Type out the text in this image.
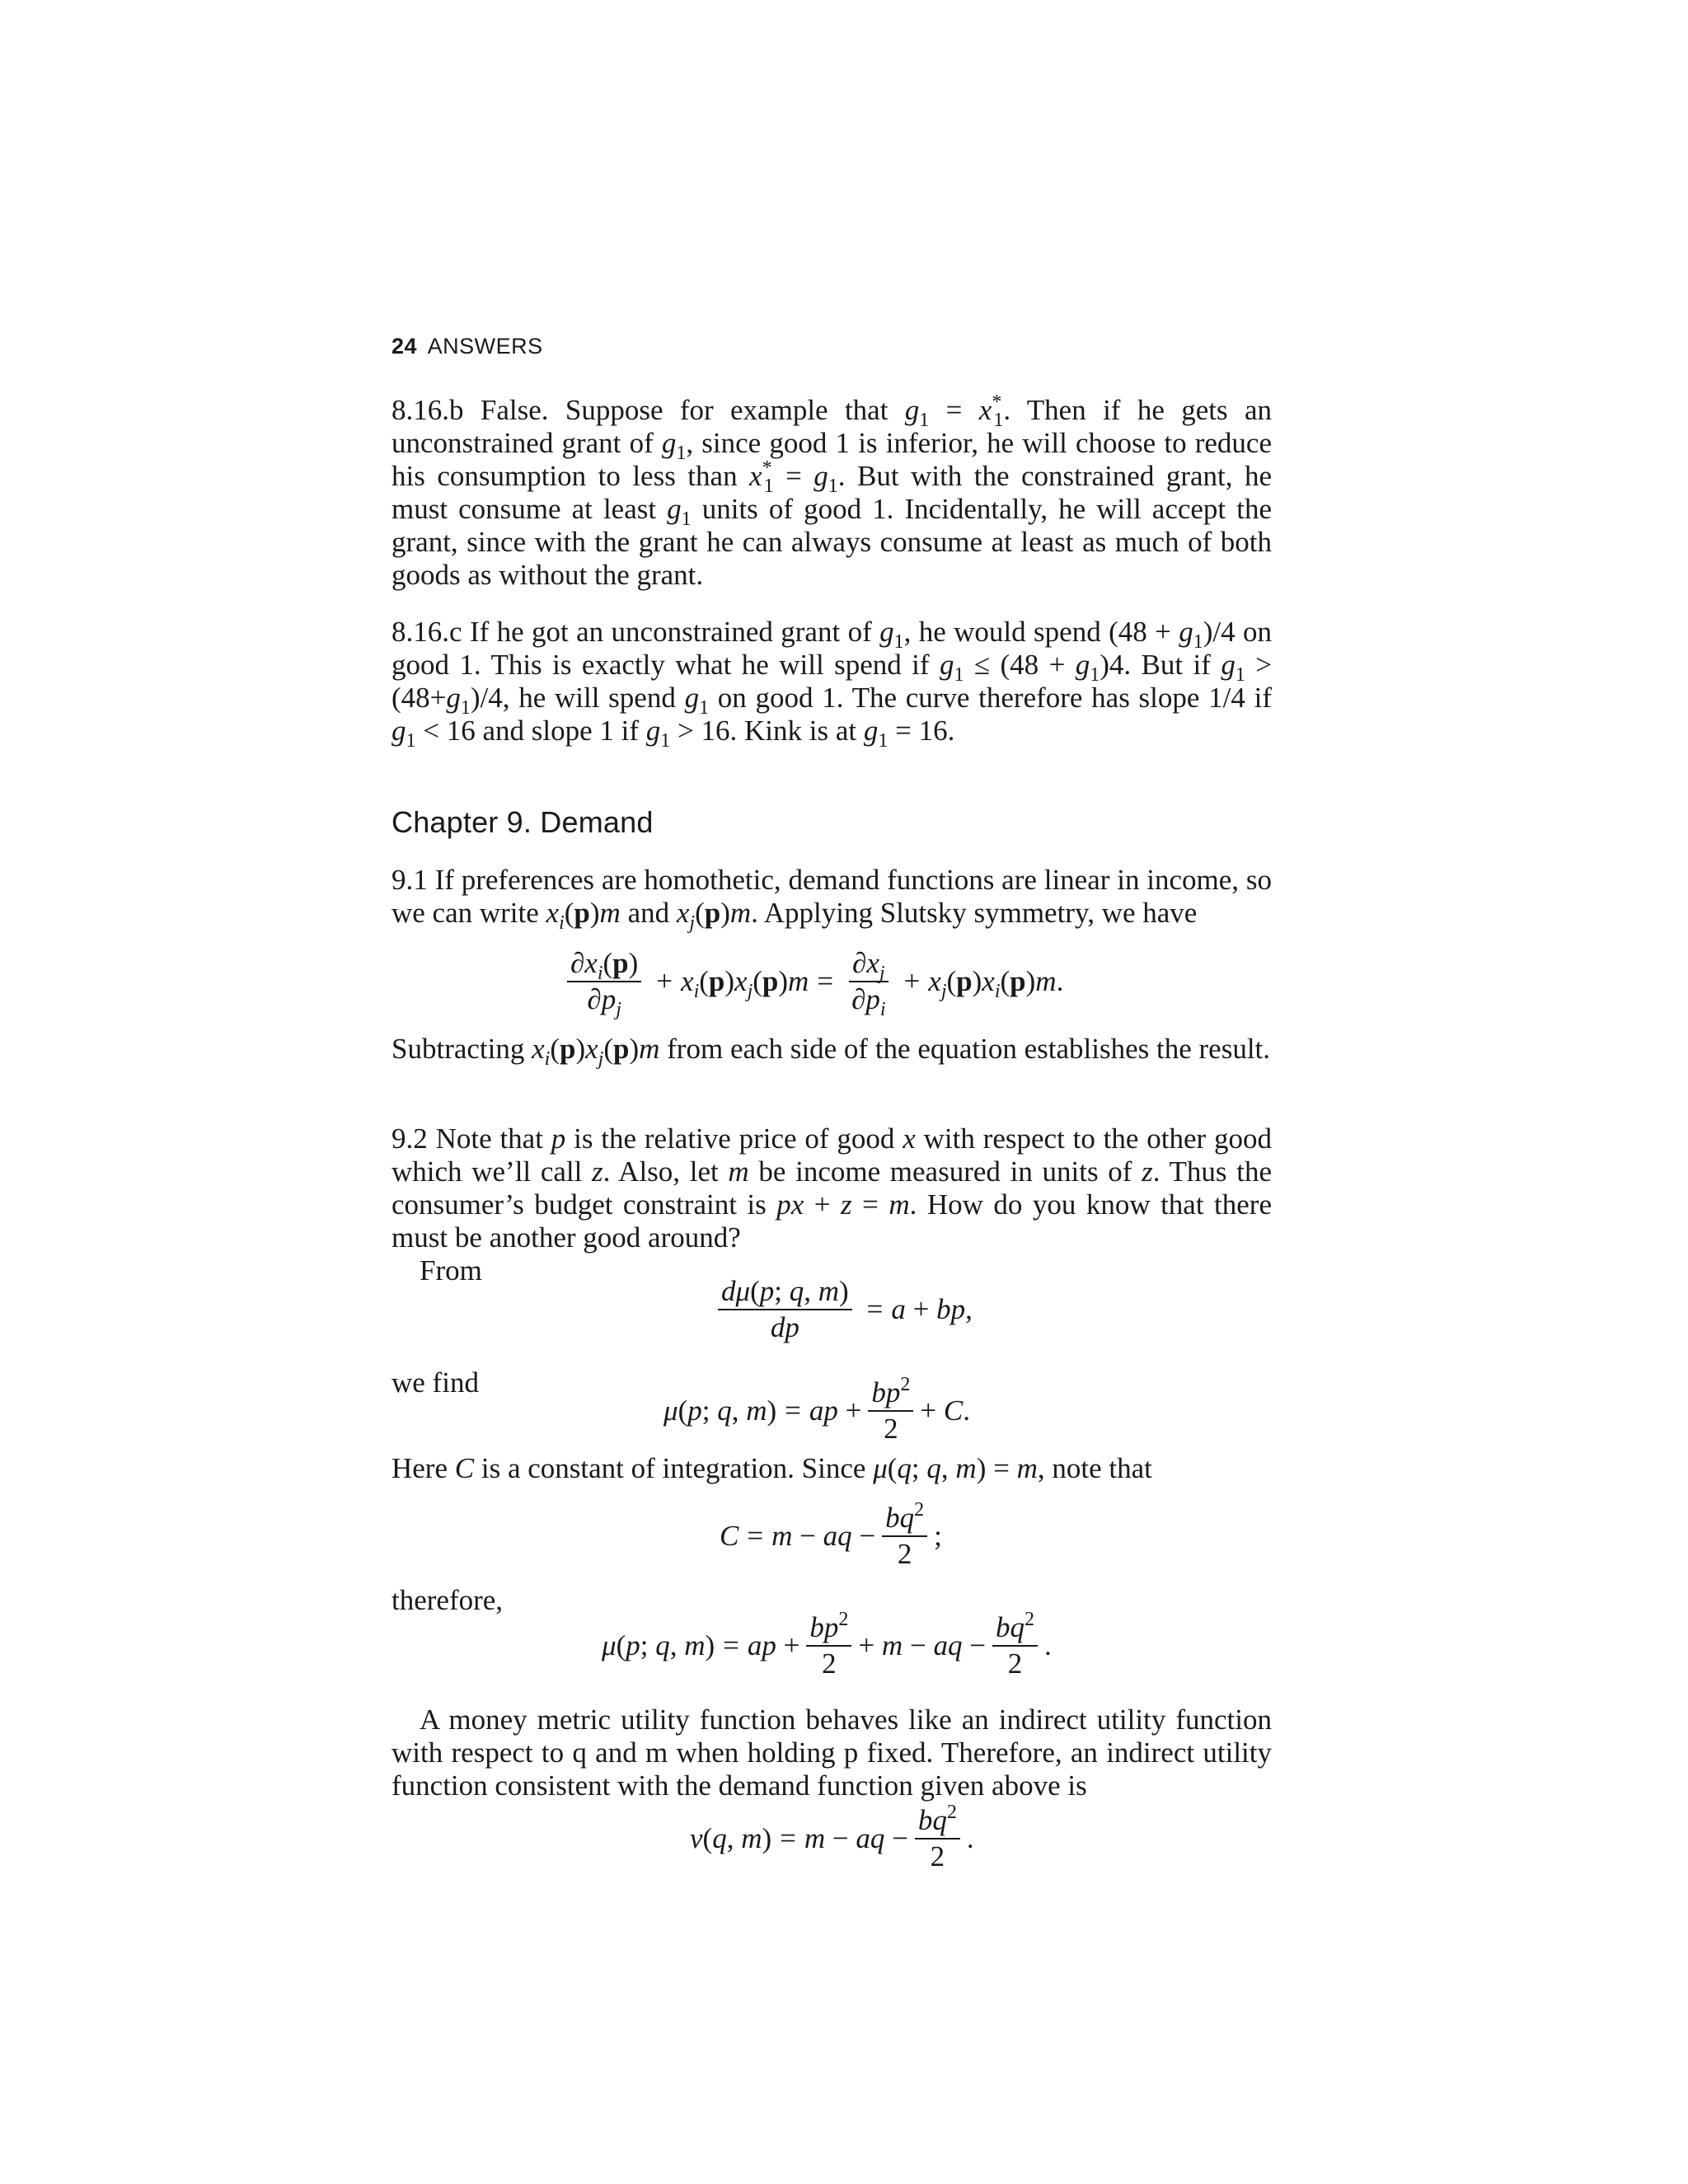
24 ANSWERS

8.16.b False. Suppose for example that $g_1 = x^*_1$. Then if he gets an unconstrained grant of $g_1$, since good 1 is inferior, he will choose to reduce his consumption to less than $x^*_1 = g_1$. But with the constrained grant, he must consume at least $g_1$ units of good 1. Incidentally, he will accept the grant, since with the grant he can always consume at least as much of both goods as without the grant.

8.16.c If he got an unconstrained grant of $g_1$, he would spend $(48 + g_1)/4$ on good 1. This is exactly what he will spend if $g_1 \le (48 + g_1)4$. But if $g_1 > (48+g_1)/4$, he will spend $g_1$ on good 1. The curve therefore has slope 1/4 if $g_1 < 16$ and slope 1 if $g_1 > 16$. Kink is at $g_1 = 16$.

Chapter 9. Demand

9.1 If preferences are homothetic, demand functions are linear in income, so we can write $x_i(p)m$ and $x_j(p)m$. Applying Slutsky symmetry, we have

$\frac{\partial x_i(p)}{\partial p_j} + x_i(p)x_j(p)m = \frac{\partial x_j}{\partial p_i} + x_j(p)x_i(p)m$.

Subtracting $x_i(p)x_j(p)m$ from each side of the equation establishes the result.

9.2 Note that p is the relative price of good x with respect to the other good which we’ll call z. Also, let m be income measured in units of z. Thus the consumer’s budget constraint is px + z = m. How do you know that there must be another good around?

From
$\frac{d\mu(p; q, m)}{dp} = a$ + bp,
we find
μ(p; q, m) = ap + $\frac{bp^2}{2} + C$.

Here C is a constant of integration. Since μ(q; q, m) = m, note that

C = m − aq − $\frac{bq^2}{2}$ ;
therefore,
μ(p; q, m) = ap + $\frac{bp^2}{2} + m$ − aq − $\frac{bq^2}{2}$ .

A money metric utility function behaves like an indirect utility function with respect to q and m when holding p fixed. Therefore, an indirect utility function consistent with the demand function given above is

v(q, m) = m − aq − $\frac{bq^2}{2}$ .
